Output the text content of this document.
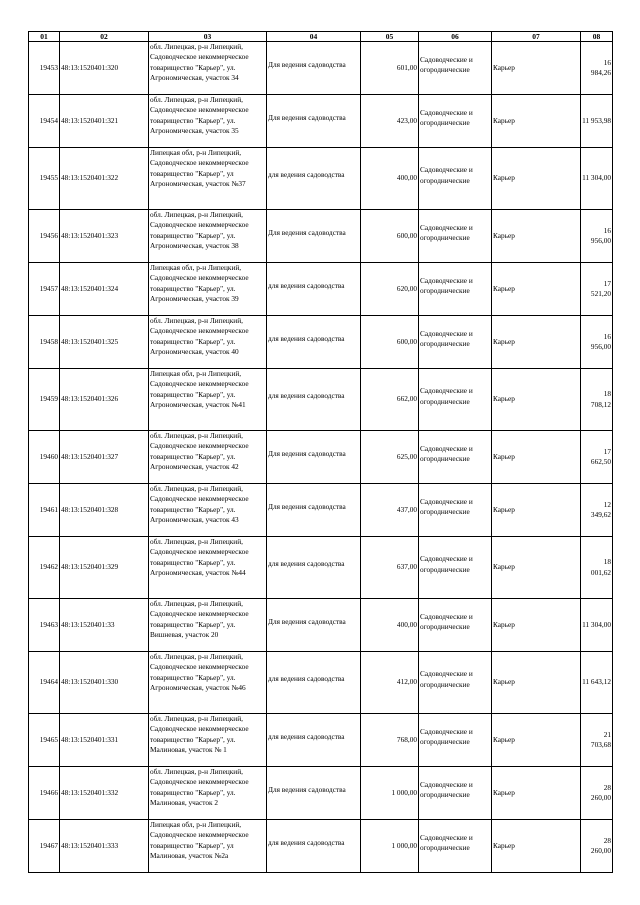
01	02	03	04	05	06	07	08

19453	48:13:1520401:320	обл. Липецкая, р-н Липецкий, Садоводческое некоммерческое товарищество "Карьер", ул. Агрономическая, участок 34	Для ведения садоводства	601,00	Садоводческие и огороднические	Карьер	16 984,26

19454	48:13:1520401:321	обл. Липецкая, р-н Липецкий, Садоводческое некоммерческое товарищество "Карьер", ул. Агрономическая, участок 35	Для ведения садоводства	423,00	Садоводческие и огороднические	Карьер	11 953,98

19455	48:13:1520401:322	Липецкая обл, р-н Липецкий, Садоводческое некоммерческое товарищество "Карьер", ул Агрономическая, участок №37	для ведения садоводства	400,00	Садоводческие и огороднические	Карьер	11 304,00

19456	48:13:1520401:323	обл. Липецкая, р-н Липецкий, Садоводческое некоммерческое товарищество "Карьер", ул. Агрономическая, участок 38	Для ведения садоводства	600,00	Садоводческие и огороднические	Карьер	16 956,00

19457	48:13:1520401:324	Липецкая обл, р-н Липецкий, Садоводческое некоммерческое товарищество "Карьер", ул. Агрономическая, участок 39	для ведения садоводства	620,00	Садоводческие и огороднические	Карьер	17 521,20

19458	48:13:1520401:325	обл. Липецкая, р-н Липецкий, Садоводческое некоммерческое товарищество "Карьер", ул. Агрономическая, участок 40	для ведения садоводства	600,00	Садоводческие и огороднические	Карьер	16 956,00

19459	48:13:1520401:326	Липецкая обл, р-н Липецкий, Садоводческое некоммерческое товарищество "Карьер", ул. Агрономическая, участок №41	для ведения садоводства	662,00	Садоводческие и огороднические	Карьер	18 708,12

19460	48:13:1520401:327	обл. Липецкая, р-н Липецкий, Садоводческое некоммерческое товарищество "Карьер", ул. Агрономическая, участок 42	Для ведения садоводства	625,00	Садоводческие и огороднические	Карьер	17 662,50

19461	48:13:1520401:328	обл. Липецкая, р-н Липецкий, Садоводческое некоммерческое товарищество "Карьер", ул. Агрономическая, участок 43	Для ведения садоводства	437,00	Садоводческие и огороднические	Карьер	12 349,62

19462	48:13:1520401:329	обл. Липецкая, р-н Липецкий, Садоводческое некоммерческое товарищество "Карьер", ул. Агрономическая, участок №44	для ведения садоводства	637,00	Садоводческие и огороднические	Карьер	18 001,62

19463	48:13:1520401:33	обл. Липецкая, р-н Липецкий, Садоводческое некоммерческое товарищество "Карьер", ул. Вишневая, участок 20	Для ведения садоводства	400,00	Садоводческие и огороднические	Карьер	11 304,00

19464	48:13:1520401:330	обл. Липецкая, р-н Липецкий, Садоводческое некоммерческое товарищество "Карьер", ул. Агрономическая, участок №46	для ведения садоводства	412,00	Садоводческие и огороднические	Карьер	11 643,12

19465	48:13:1520401:331	обл. Липецкая, р-н Липецкий, Садоводческое некоммерческое товарищество "Карьер", ул. Малиновая, участок № 1	для ведения садоводства	768,00	Садоводческие и огороднические	Карьер	21 703,68

19466	48:13:1520401:332	обл. Липецкая, р-н Липецкий, Садоводческое некоммерческое товарищество "Карьер", ул. Малиновая, участок 2	Для ведения садоводства	1 000,00	Садоводческие и огороднические	Карьер	28 260,00

19467	48:13:1520401:333	Липецкая обл, р-н Липецкий, Садоводческое некоммерческое товарищество "Карьер", ул Малиновая, участок №2а	для ведения садоводства	1 000,00	Садоводческие и огороднические	Карьер	28 260,00
